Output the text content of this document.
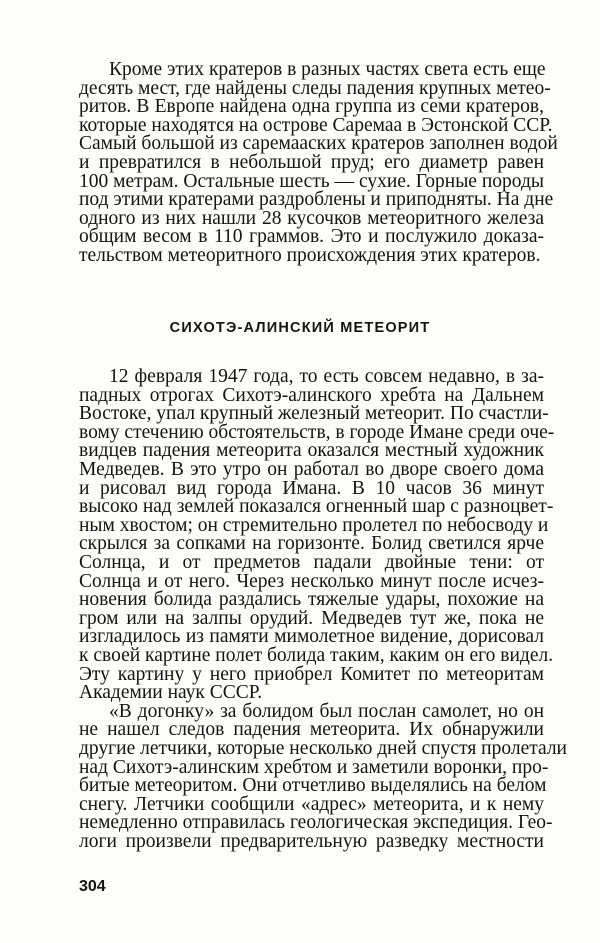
Кроме этих кратеров в разных частях света есть еще
десять мест, где найдены следы падения крупных метео-
ритов. В Европе найдена одна группа из семи кратеров,
которые находятся на острове Саремаа в Эстонской ССР.
Самый большой из саремааских кратеров заполнен водой
и превратился в небольшой пруд; его диаметр равен
100 метрам. Остальные шесть — сухие. Горные породы
под этими кратерами раздроблены и приподняты. На дне
одного из них нашли 28 кусочков метеоритного железа
общим весом в 110 граммов. Это и послужило доказа-
тельством метеоритного происхождения этих кратеров.
СИХОТЭ-АЛИНСКИЙ МЕТЕОРИТ
12 февраля 1947 года, то есть совсем недавно, в за-
падных отрогах Сихотэ-алинского хребта на Дальнем
Востоке, упал крупный железный метеорит. По счастли-
вому стечению обстоятельств, в городе Имане среди оче-
видцев падения метеорита оказался местный художник
Медведев. В это утро он работал во дворе своего дома
и рисовал вид города Имана. В 10 часов 36 минут
высоко над землей показался огненный шар с разноцвет-
ным хвостом; он стремительно пролетел по небосводу и
скрылся за сопками на горизонте. Болид светился ярче
Солнца, и от предметов падали двойные тени: от
Солнца и от него. Через несколько минут после исчез-
новения болида раздались тяжелые удары, похожие на
гром или на залпы орудий. Медведев тут же, пока не
изгладилось из памяти мимолетное видение, дорисовал
к своей картине полет болида таким, каким он его видел.
Эту картину у него приобрел Комитет по метеоритам
Академии наук СССР.
«В догонку» за болидом был послан самолет, но он
не нашел следов падения метеорита. Их обнаружили
другие летчики, которые несколько дней спустя пролетали
над Сихотэ-алинским хребтом и заметили воронки, про-
битые метеоритом. Они отчетливо выделялись на белом
снегу. Летчики сообщили «адрес» метеорита, и к нему
немедленно отправилась геологическая экспедиция. Гео-
логи произвели предварительную разведку местности
304
